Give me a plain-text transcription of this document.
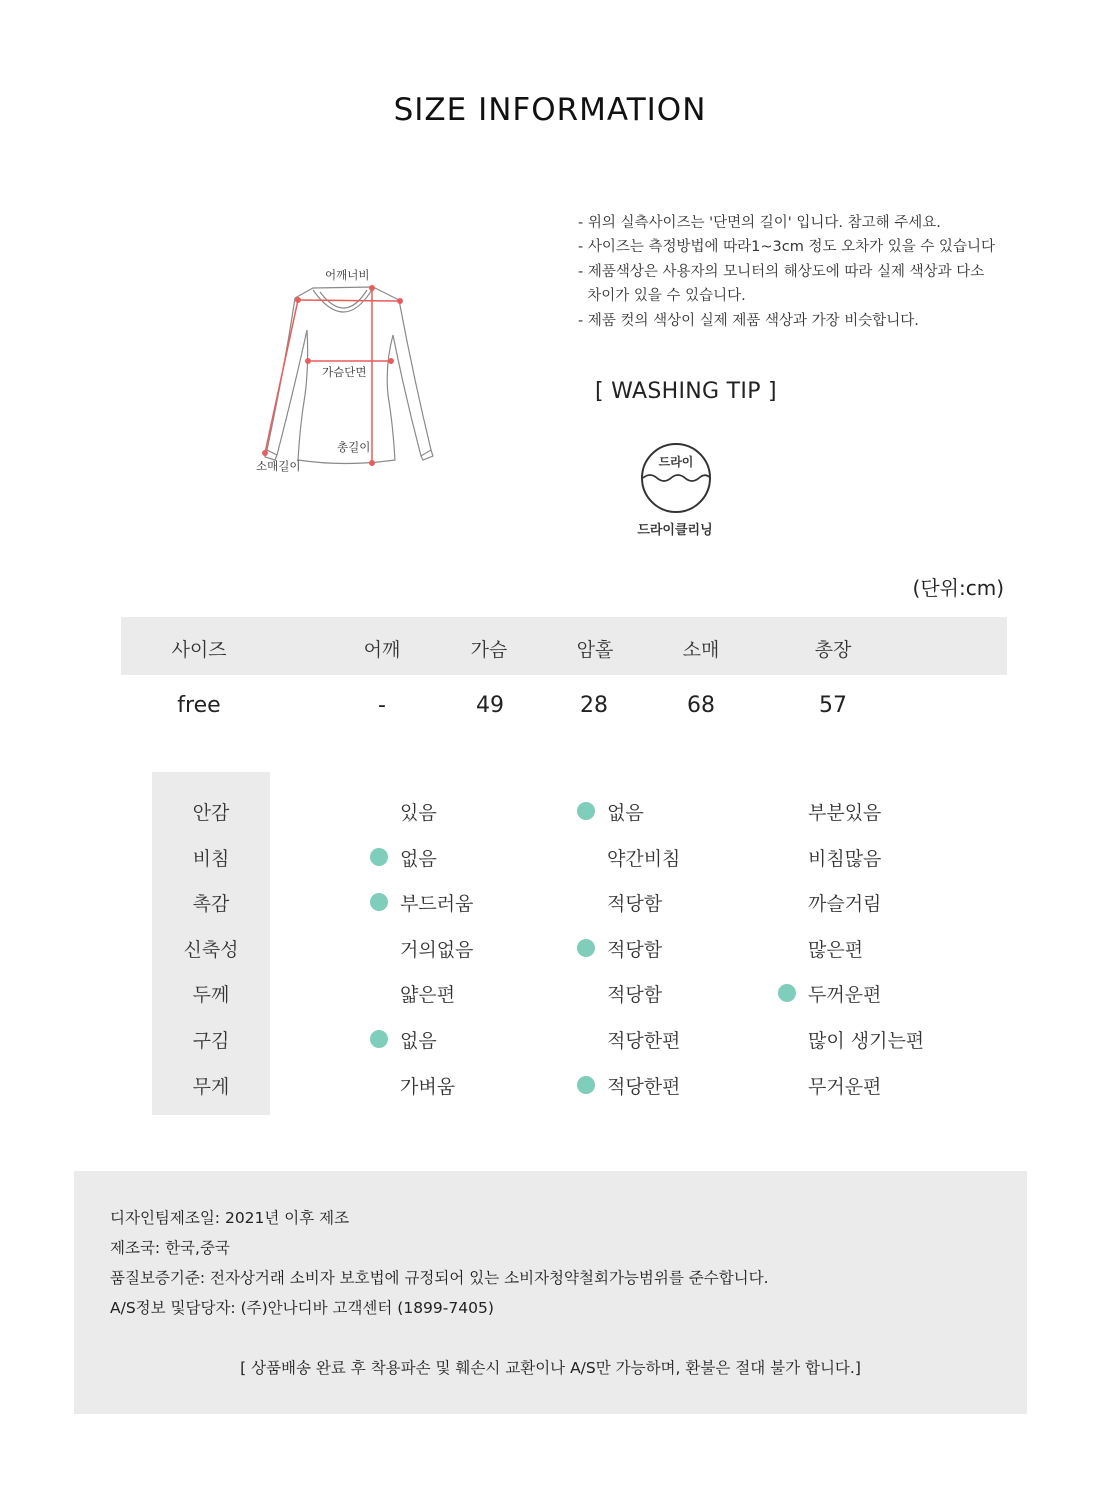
SIZE INFORMATION
어깨너비
가슴단면
총길이
소매길이
- 위의 실측사이즈는 '단면의 길이' 입니다. 참고해 주세요.
- 사이즈는 측정방법에 따라1~3cm 정도 오차가 있을 수 있습니다
- 제품색상은 사용자의 모니터의 해상도에 따라 실제 색상과 다소
차이가 있을 수 있습니다.
- 제품 컷의 색상이 실제 제품 색상과 가장 비슷합니다.
[ WASHING TIP ]
드라이
드라이클리닝
(단위:cm)
사이즈	어깨	가슴	암홀	소매	총장
free	-	49	28	68	57
안감	있음	없음	부분있음
비침	없음	약간비침	비침많음
촉감	부드러움	적당함	까슬거림
신축성	거의없음	적당함	많은편
두께	얇은편	적당함	두꺼운편
구김	없음	적당한편	많이 생기는편
무게	가벼움	적당한편	무거운편
디자인팀제조일: 2021년 이후 제조
제조국: 한국,중국
품질보증기준: 전자상거래 소비자 보호법에 규정되어 있는 소비자청약철회가능범위를 준수합니다.
A/S정보 및담당자: (주)안나디바 고객센터 (1899-7405)
[ 상품배송 완료 후 착용파손 및 훼손시 교환이나 A/S만 가능하며, 환불은 절대 불가 합니다.]
